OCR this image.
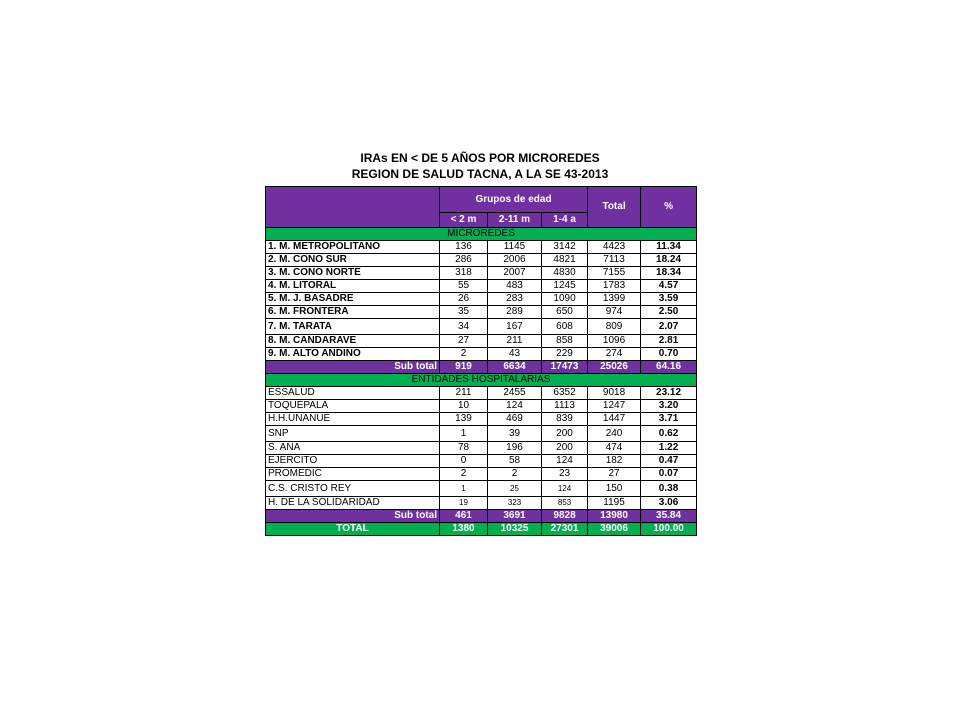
IRAs EN < DE 5 AÑOS POR MICROREDES
REGION DE SALUD TACNA, A LA SE 43-2013
	Grupos de edad			Total	%
	< 2 m	2-11 m	1-4 a		
MICROREDES					
1. M. METROPOLITANO	136	1145	3142	4423	11.34
2. M. CONO SUR	286	2006	4821	7113	18.24
3. M. CONO NORTE	318	2007	4830	7155	18.34
4. M. LITORAL	55	483	1245	1783	4.57
5. M. J. BASADRE	26	283	1090	1399	3.59
6. M. FRONTERA	35	289	650	974	2.50
7. M. TARATA	34	167	608	809	2.07
8. M. CANDARAVE	27	211	858	1096	2.81
9. M. ALTO ANDINO	2	43	229	274	0.70
Sub total	919	6634	17473	25026	64.16
ENTIDADES HOSPITALARIAS					
ESSALUD	211	2455	6352	9018	23.12
TOQUEPALA	10	124	1113	1247	3.20
H.H.UNANUE	139	469	839	1447	3.71
SNP	1	39	200	240	0.62
S. ANA	78	196	200	474	1.22
EJERCITO	0	58	124	182	0.47
PROMEDIC	2	2	23	27	0.07
C.S. CRISTO REY	1	25	124	150	0.38
H. DE LA SOLIDARIDAD	19	323	853	1195	3.06
Sub total	461	3691	9828	13980	35.84
TOTAL	1380	10325	27301	39006	100.00
